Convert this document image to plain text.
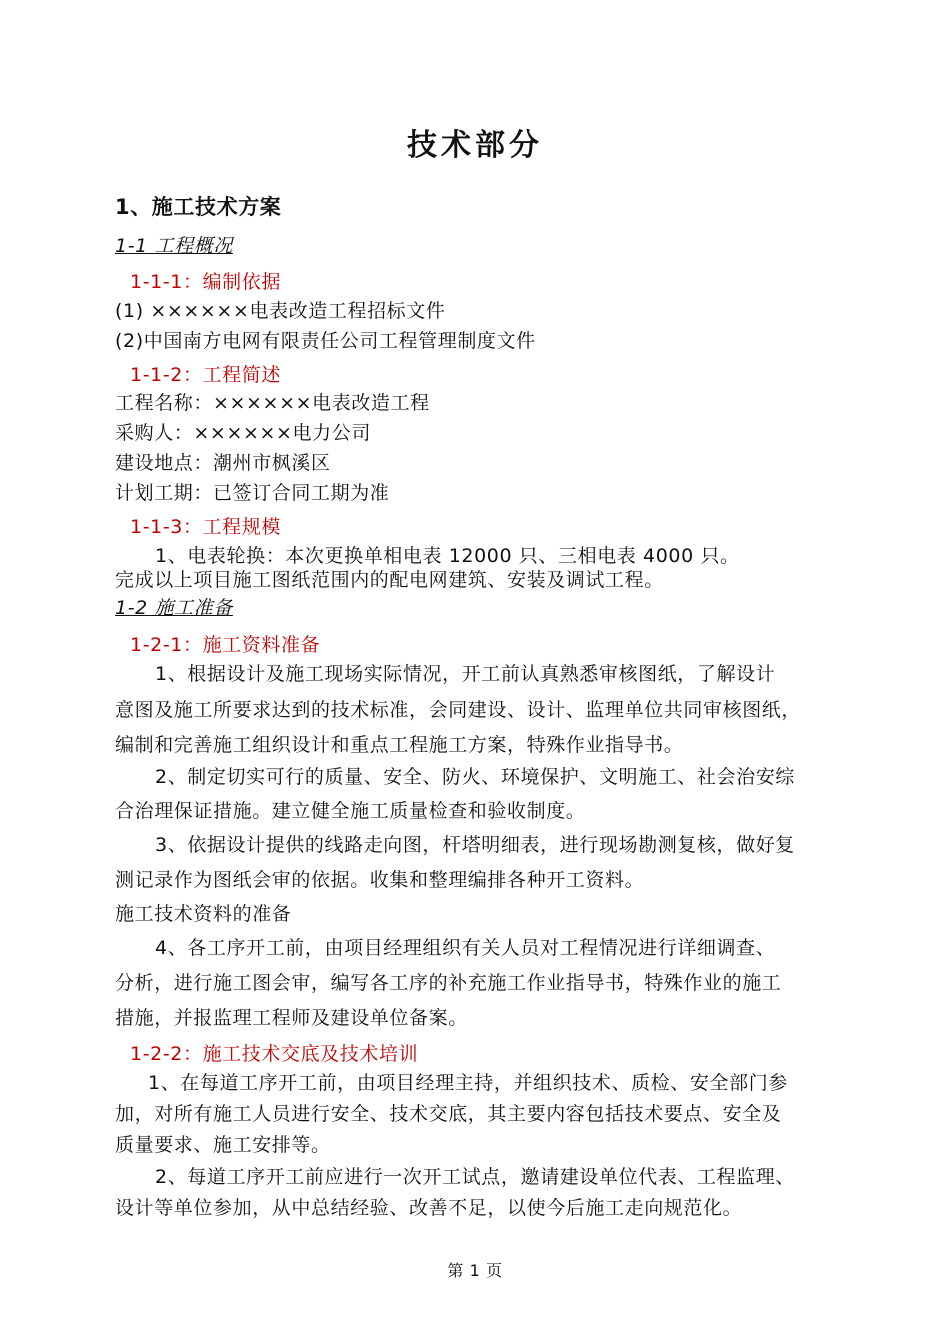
技术部分
1、施工技术方案
1-1 工程概况
1-1-1：编制依据
(1) ××××××电表改造工程招标文件
(2)中国南方电网有限责任公司工程管理制度文件
1-1-2：工程简述
工程名称：××××××电表改造工程
采购人：××××××电力公司
建设地点：潮州市枫溪区
计划工期：已签订合同工期为准
1-1-3：工程规模
1、电表轮换：本次更换单相电表 12000 只、三相电表 4000 只。
完成以上项目施工图纸范围内的配电网建筑、安装及调试工程。
1-2 施工准备
1-2-1：施工资料准备
1、根据设计及施工现场实际情况，开工前认真熟悉审核图纸，了解设计
意图及施工所要求达到的技术标准，会同建设、设计、监理单位共同审核图纸，
编制和完善施工组织设计和重点工程施工方案，特殊作业指导书。
2、制定切实可行的质量、安全、防火、环境保护、文明施工、社会治安综
合治理保证措施。建立健全施工质量检查和验收制度。
3、依据设计提供的线路走向图，杆塔明细表，进行现场勘测复核，做好复
测记录作为图纸会审的依据。收集和整理编排各种开工资料。
施工技术资料的准备
4、各工序开工前，由项目经理组织有关人员对工程情况进行详细调查、
分析，进行施工图会审，编写各工序的补充施工作业指导书，特殊作业的施工
措施，并报监理工程师及建设单位备案。
1-2-2：施工技术交底及技术培训
1、在每道工序开工前，由项目经理主持，并组织技术、质检、安全部门参
加，对所有施工人员进行安全、技术交底，其主要内容包括技术要点、安全及
质量要求、施工安排等。
2、每道工序开工前应进行一次开工试点，邀请建设单位代表、工程监理、
设计等单位参加，从中总结经验、改善不足，以使今后施工走向规范化。
第 1 页
